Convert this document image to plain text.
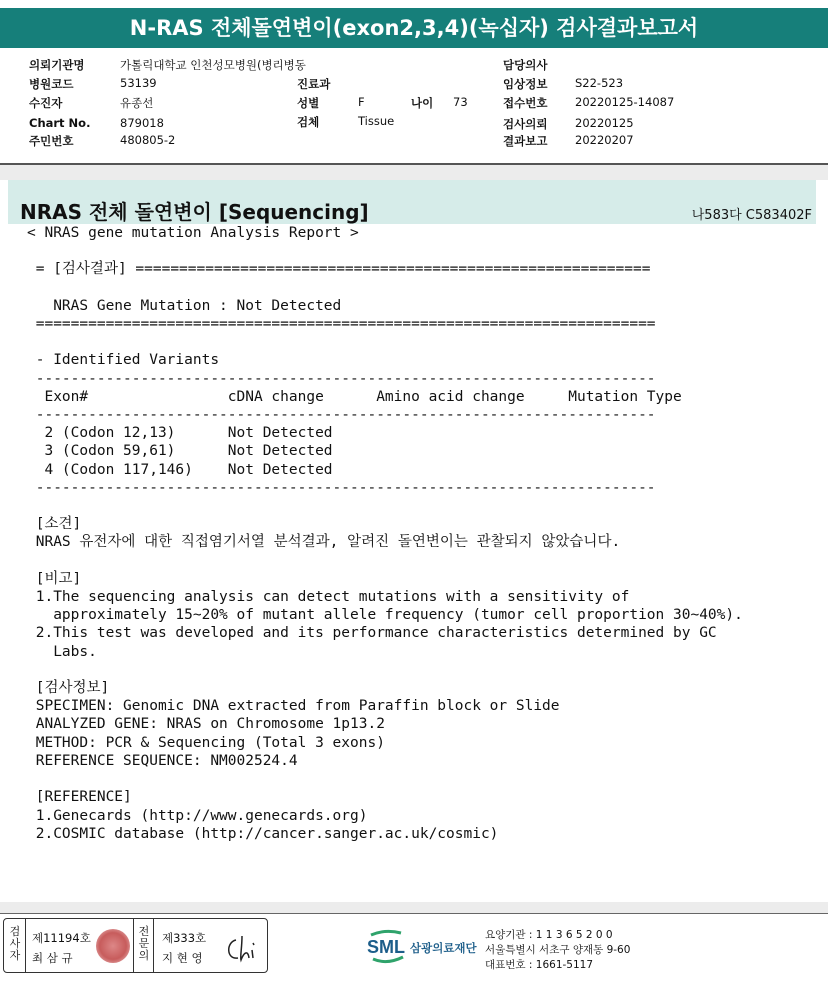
N-RAS 전체돌연변이(exon2,3,4)(녹십자) 검사결과보고서
의뢰기관명	가톨릭대학교 인천성모병원(병리병동
병원코드	53139
수진자	유종선
Chart No.	879018
주민번호	480805-2
진료과
성별	F	나이 73
검체	Tissue
담당의사
임상정보 S22-523
접수번호 20220125-14087
검사의뢰 20220125
결과보고 20220207
NRAS 전체 돌연변이 [Sequencing]	나583다 C583402F
< NRAS gene mutation Analysis Report >

= [검사결과] ===========================================================

NRAS Gene Mutation : Not Detected
=======================================================================

- Identified Variants
-----------------------------------------------------------------------
Exon#                cDNA change      Amino acid change     Mutation Type
-----------------------------------------------------------------------
2 (Codon 12,13)      Not Detected
3 (Codon 59,61)      Not Detected
4 (Codon 117,146)    Not Detected
-----------------------------------------------------------------------

[소견]
NRAS 유전자에 대한 직접염기서열 분석결과, 알려진 돌연변이는 관찰되지 않았습니다.

[비고]
1.The sequencing analysis can detect mutations with a sensitivity of
approximately 15~20% of mutant allele frequency (tumor cell proportion 30~40%).
2.This test was developed and its performance characteristics determined by GC
Labs.

[검사정보]
SPECIMEN: Genomic DNA extracted from Paraffin block or Slide
ANALYZED GENE: NRAS on Chromosome 1p13.2
METHOD: PCR & Sequencing (Total 3 exons)
REFERENCE SEQUENCE: NM002524.4

[REFERENCE]
1.Genecards (http://www.genecards.org)
2.COSMIC database (http://cancer.sanger.ac.uk/cosmic)
검사자
제11194호
최 삼 규
전문의
제333호
지 현 영
SML 삼광의료재단
요양기관 : 1 1 3 6 5 2 0 0
서울특별시 서초구 양재동 9-60
대표번호 : 1661-5117
